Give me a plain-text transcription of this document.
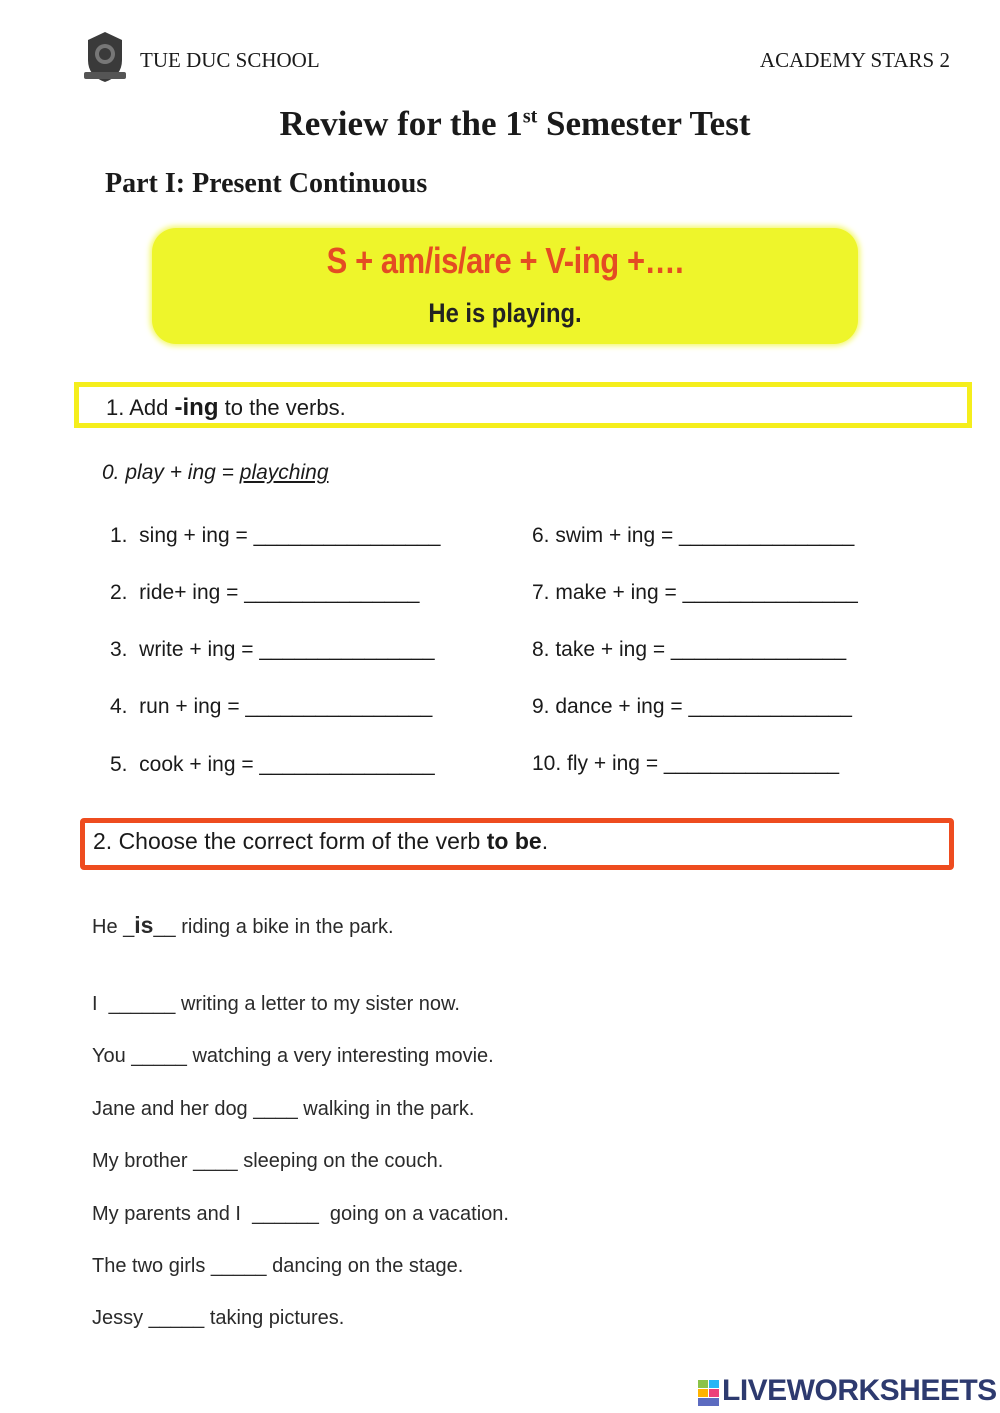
TUE DUC SCHOOL	ACADEMY STARS 2
Review for the 1st Semester Test
Part I: Present Continuous
S + am/is/are + V-ing +….
He is playing.
1. Add -ing to the verbs.
0. play + ing = playching
1.  sing + ing = ________________
2.  ride+ ing = _______________
3.  write + ing = _______________
4.  run + ing = ________________
5.  cook + ing = _______________
6. swim + ing = _______________
7. make + ing = _______________
8. take + ing = _______________
9. dance + ing = ______________
10. fly + ing = _______________
2. Choose the correct form of the verb to be.
He _is__ riding a bike in the park.
I  ______ writing a letter to my sister now.
You _____ watching a very interesting movie.
Jane and her dog ____ walking in the park.
My brother ____ sleeping on the couch.
My parents and I  ______  going on a vacation.
The two girls _____ dancing on the stage.
Jessy _____ taking pictures.
LIVEWORKSHEETS
